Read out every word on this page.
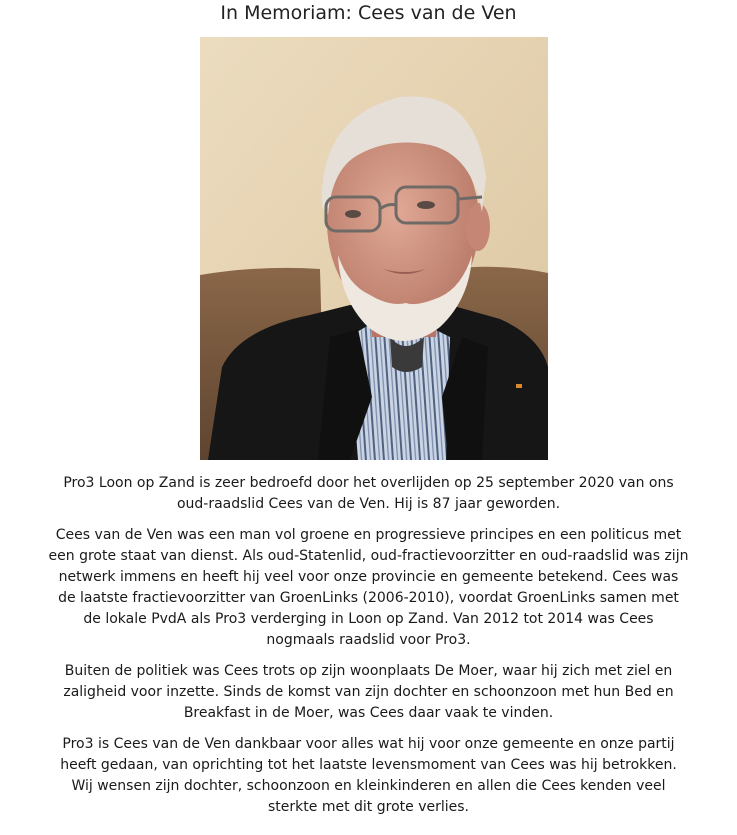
In Memoriam: Cees van de Ven

Pro3 Loon op Zand is zeer bedroefd door het overlijden op 25 september 2020 van ons oud-raadslid Cees van de Ven. Hij is 87 jaar geworden.

Cees van de Ven was een man vol groene en progressieve principes en een politicus met een grote staat van dienst. Als oud-Statenlid, oud-fractievoorzitter en oud-raadslid was zijn netwerk immens en heeft hij veel voor onze provincie en gemeente betekend. Cees was de laatste fractievoorzitter van GroenLinks (2006-2010), voordat GroenLinks samen met de lokale PvdA als Pro3 verderging in Loon op Zand. Van 2012 tot 2014 was Cees nogmaals raadslid voor Pro3.

Buiten de politiek was Cees trots op zijn woonplaats De Moer, waar hij zich met ziel en zaligheid voor inzette. Sinds de komst van zijn dochter en schoonzoon met hun Bed en Breakfast in de Moer, was Cees daar vaak te vinden.

Pro3 is Cees van de Ven dankbaar voor alles wat hij voor onze gemeente en onze partij heeft gedaan, van oprichting tot het laatste levensmoment van Cees was hij betrokken. Wij wensen zijn dochter, schoonzoon en kleinkinderen en allen die Cees kenden veel sterkte met dit grote verlies.
